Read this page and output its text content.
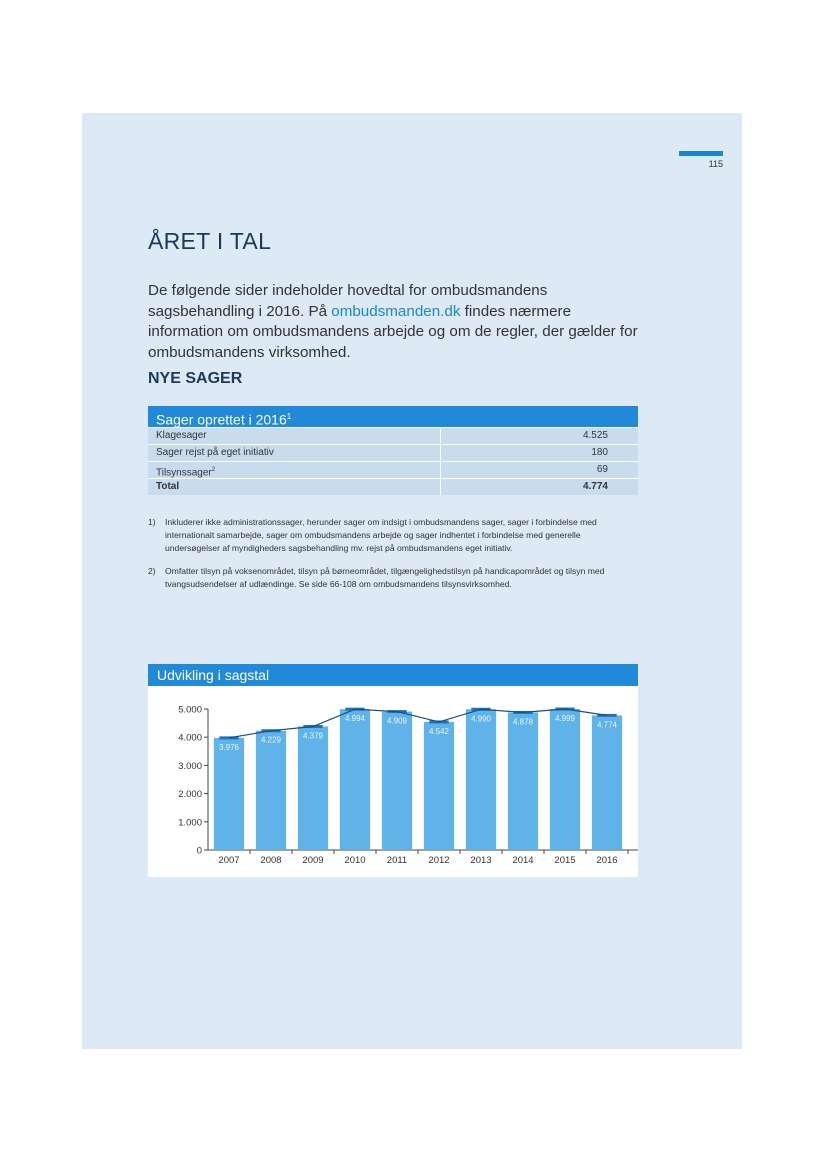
115
ÅRET I TAL

De følgende sider indeholder hovedtal for ombudsmandens sagsbehandling i 2016. På ombudsmanden.dk findes nærmere information om ombudsmandens arbejde og om de regler, der gælder for ombudsmandens virksomhed.

NYE SAGER
Sager oprettet i 2016$^1$
Klagesager	4.525
Sager rejst på eget initiativ	180
Tilsynssager$^2$	69
Total	4.774
1)	Inkluderer ikke administrationssager, herunder sager om indsigt i ombudsmandens sager, sager i forbindelse med internationalt samarbejde, sager om ombudsmandens arbejde og sager indhentet i forbindelse med generelle undersøgelser af myndigheders sagsbehandling mv. rejst på ombudsmandens eget initiativ.
2)	Omfatter tilsyn på voksenområdet, tilsyn på børneområdet, tilgængelighedstilsyn på handicapområdet og tilsyn med tvangsudsendelser af udlændinge. Se side 66-108 om ombudsmandens tilsynsvirksomhed.
Udvikling i sagstal
0
1.000
2.000
3.000
4.000
5.000
3.976
2007
4.229
2008
4.379
2009
4.994
2010
4.909
2011
4.542
2012
4.990
2013
4.878
2014
4.999
2015
4.774
2016
